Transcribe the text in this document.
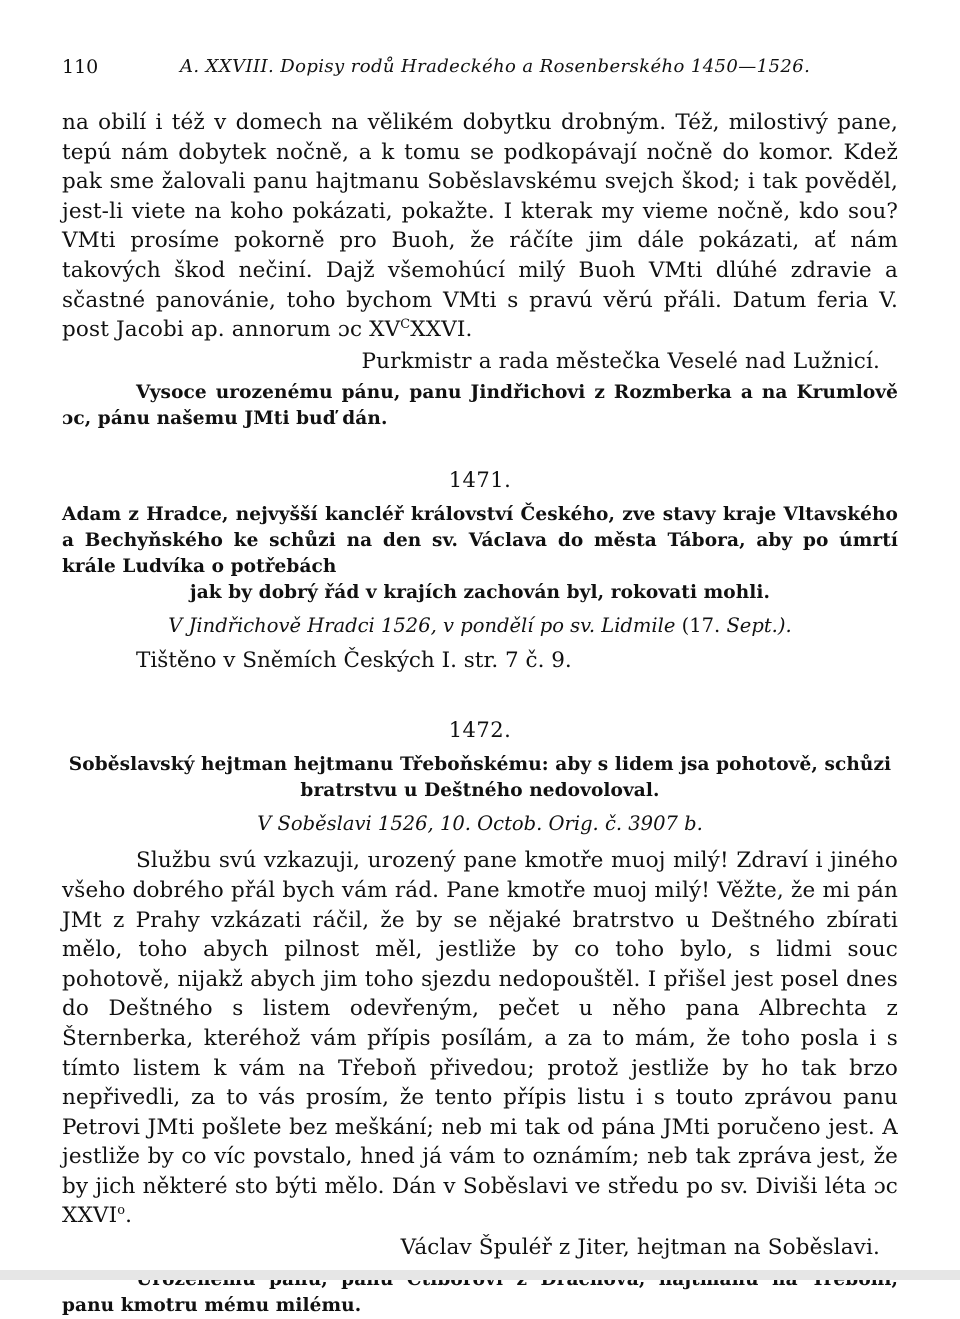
110	A. XXVIII. Dopisy rodů Hradeckého a Rosenberského 1450—1526.

na obilí i též v domech na vělikém dobytku drobným. Též, milostivý pane, tepú nám dobytek nočně, a k tomu se podkopávají nočně do komor. Kdež pak sme žalovali panu hajtmanu Soběslavskému svejch škod; i tak pověděl, jest-li viete na koho pokázati, pokažte. I kterak my vieme nočně, kdo sou? VMti prosíme pokorně pro Buoh, že ráčíte jim dále pokázati, ať nám takových škod nečiní. Dajž všemohúcí milý Buoh VMti dlúhé zdravie a sčastné panovánie, toho bychom VMti s pravú věrú přáli. Datum feria V. post Jacobi ap. annorum ɔc $XV^CXXVI$.

Purkmistr a rada městečka Veselé nad Lužnicí.

Vysoce urozenému pánu, panu Jindřichovi z Rozmberka a na Krumlově ɔc, pánu našemu JMti buď dán.

1471.

Adam z Hradce, nejvyšší kancléř království Českého, zve stavy kraje Vltavského a Bechyňského ke schůzi na den sv. Václava do města Tábora, aby po úmrtí krále Ludvíka o potřebách

jak by dobrý řád v krajích zachován byl, rokovati mohli.

V Jindřichově Hradci 1526, v pondělí po sv. Lidmile (17. Sept.).

Tištěno v Sněmích Českých I. str. 7 č. 9.

1472.

Soběslavský hejtman hejtmanu Třeboňskému: aby s lidem jsa pohotově, schůzi bratrstvu u Deštného nedovoloval.

V Soběslavi 1526, 10. Octob. Orig. č. 3907 b.

Službu svú vzkazuji, urozený pane kmotře muoj milý! Zdraví i jiného všeho dobrého přál bych vám rád. Pane kmotře muoj milý! Věžte, že mi pán JMt z Prahy vzkázati ráčil, že by se nějaké bratrstvo u Deštného zbírati mělo, toho abych pilnost měl, jestliže by co toho bylo, s lidmi souc pohotově, nijakž abych jim toho sjezdu nedopouštěl. I přišel jest posel dnes do Deštného s listem odevřeným, pečet u něho pana Albrechta z Šternberka, kteréhož vám přípis posílám, a za to mám, že toho posla i s tímto listem k vám na Třeboň přivedou; protož jestliže by ho tak brzo nepřivedli, za to vás prosím, že tento přípis listu i s touto zprávou panu Petrovi JMti pošlete bez meškání; neb mi tak od pána JMti poručeno jest. A jestliže by co víc povstalo, hned já vám to oznámím; neb tak zpráva jest, že by jich některé sto býti mělo. Dán v Soběslavi ve středu po sv. Diviši léta ɔc XXVI$^o$.

Václav Špuléř z Jiter, hejtman na Soběslavi.

panu kmotru mému milému.
